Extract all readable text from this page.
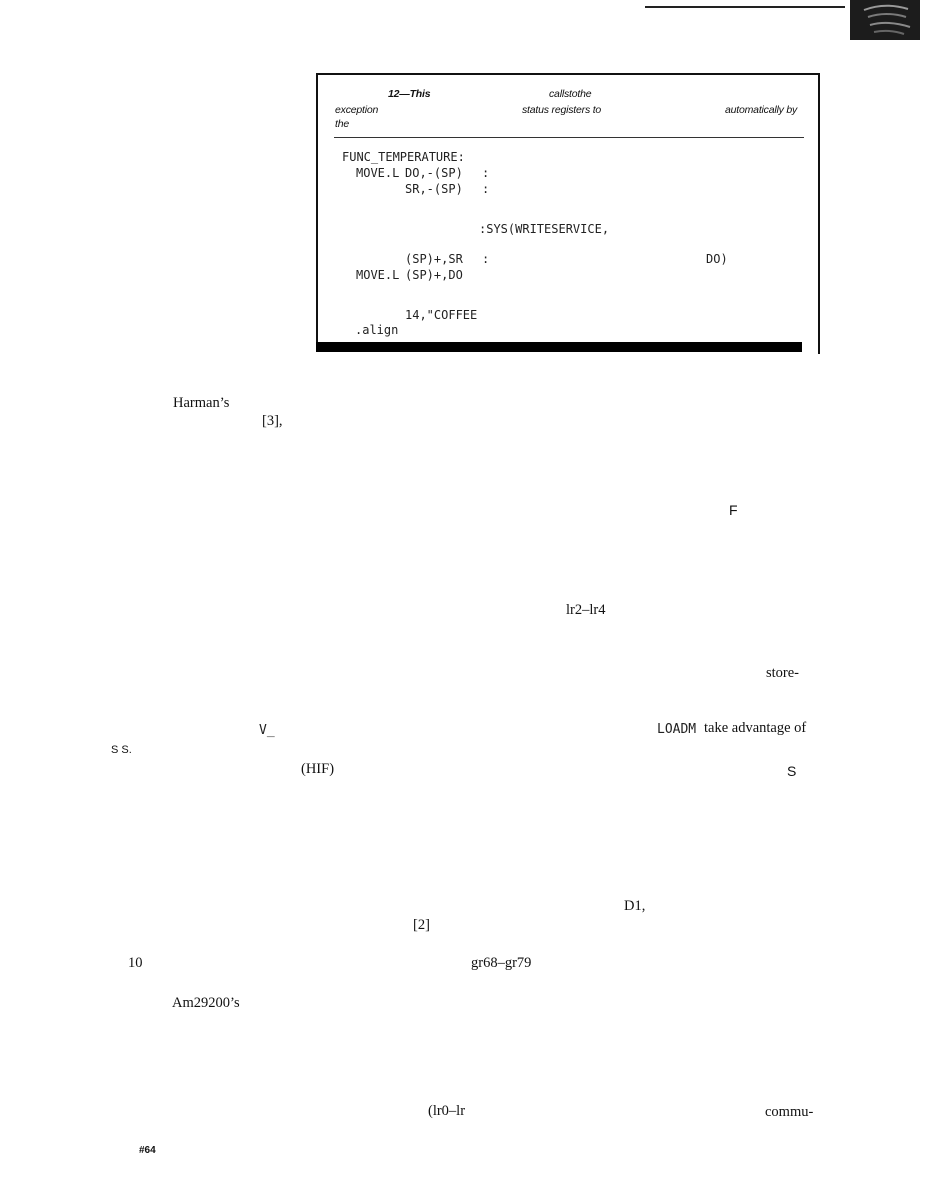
12—This	callstothe
exception	status registers to	automatically by
the
FUNC_TEMPERATURE:
MOVE.L DO,-(SP) :
SR,-(SP) :
:SYS(WRITESERVICE,
(SP)+,SR :	DO)
MOVE.L (SP)+,DO
14,"COFFEE
.align
Harman’s
[3],
F
lr2–lr4
store-
V_	LOADM take advantage of
S S.
(HIF)	S
D1,
[2]
10	gr68–gr79
Am29200’s
(lr0–lr	commu-
#64
